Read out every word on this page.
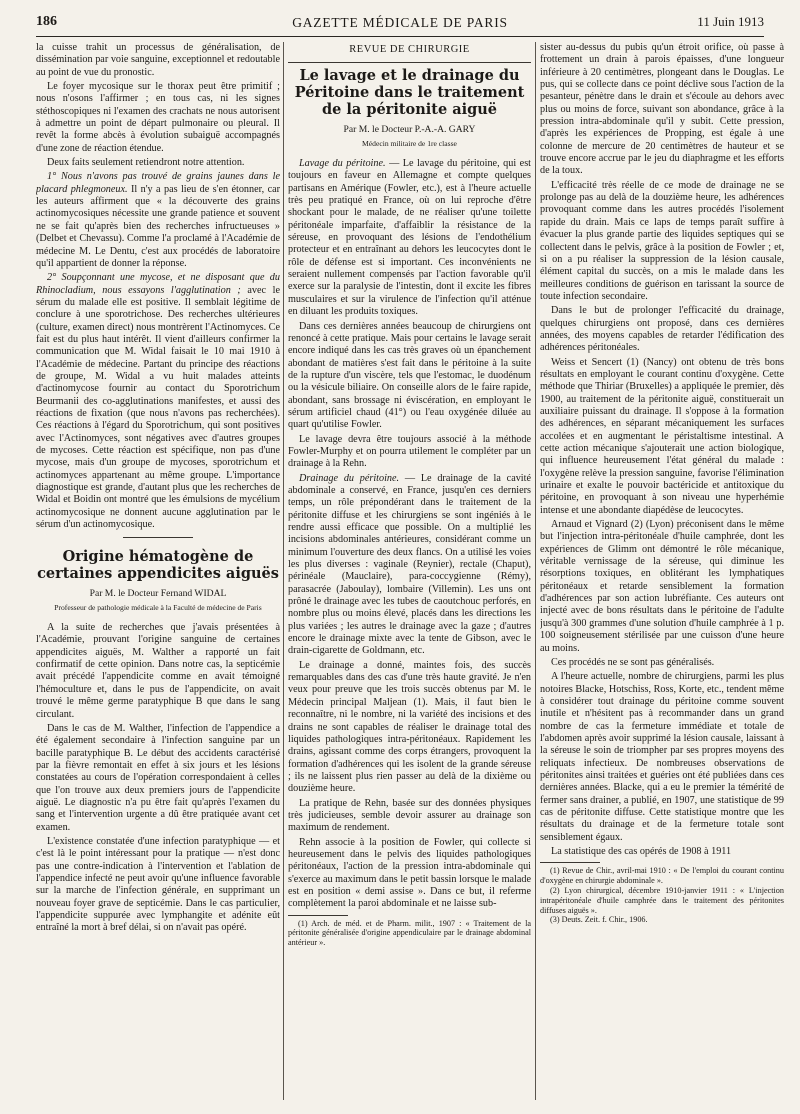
186	GAZETTE MÉDICALE DE PARIS	11 Juin 1913

la cuisse trahit un processus de généralisation, de dissémination par voie sanguine, exceptionnel et redoutable au point de vue du pronostic.

Le foyer mycosique sur le thorax peut être primitif ; nous n'osons l'affirmer ; en tous cas, ni les signes stéthoscopiques ni l'examen des crachats ne nous autorisent à admettre un point de départ pulmonaire ou pleural. Il revêt la forme abcès à évolution subaiguë accompagnés d'une zone de réaction étendue.

Deux faits seulement retiendront notre attention.

1° Nous n'avons pas trouvé de grains jaunes dans le placard phlegmoneux. Il n'y a pas lieu de s'en étonner, car les auteurs affirment que « la découverte des grains actinomycosiques nécessite une grande patience et souvent ne se fait qu'après bien des recherches infructueuses » (Delbet et Chevassu). Comme l'a proclamé à l'Académie de médecine M. Le Dentu, c'est aux procédés de laboratoire qu'il appartient de donner la réponse.

2° Soupçonnant une mycose, et ne disposant que du Rhinocladium, nous essayons l'agglutination ; avec le sérum du malade elle est positive. Il semblait légitime de conclure à une sporotrichose. Des recherches ultérieures (culture, examen direct) nous montrèrent l'Actinomyces. Ce fait est du plus haut intérêt. Il vient d'ailleurs confirmer la communication que M. Widal faisait le 10 mai 1910 à l'Académie de médecine. Partant du principe des réactions de groupe, M. Widal a vu huit malades atteints d'actinomycose fournir au contact du Sporotrichum Beurmanii des co-agglutinations manifestes, et aussi des réactions de fixation (que nous n'avons pas recherchées). Ces réactions à l'égard du Sporotrichum, qui sont positives avec l'Actinomyces, sont négatives avec d'autres groupes de mycoses. Cette réaction est spécifique, non pas d'une mycose, mais d'un groupe de mycoses, sporotrichum et actinomyces appartenant au même groupe. L'importance diagnostique est grande, d'autant plus que les recherches de Widal et Boidin ont montré que les émulsions de mycélium actinomycosique ne donnent aucune agglutination par le sérum d'un actinomycosique.

Origine hématogène de certaines appendicites aiguës
Par M. le Docteur Fernand WIDAL
Professeur de pathologie médicale à la Faculté de médecine de Paris

A la suite de recherches que j'avais présentées à l'Académie, prouvant l'origine sanguine de certaines appendicites aiguës, M. Walther a rapporté un fait confirmatif de cette opinion. Dans notre cas, la septicémie avait précédé l'appendicite comme en avait témoigné l'hémoculture et, dans le pus de l'appendicite, on avait trouvé le même germe paratyphique B que dans le sang circulant.

Dans le cas de M. Walther, l'infection de l'appendice a été également secondaire à l'infection sanguine par un bacille paratyphique B. Le début des accidents caractérisé par la fièvre remontait en effet à six jours et les lésions constatées au cours de l'opération correspondaient à celles que l'on trouve aux deux premiers jours de l'appendicite aiguë. Le diagnostic n'a pu être fait qu'après l'examen du sang et l'intervention urgente a dû être pratiquée avant cet examen.

L'existence constatée d'une infection paratyphique — et c'est là le point intéressant pour la pratique — n'est donc pas une contre-indication à l'intervention et l'ablation de l'appendice infecté ne peut avoir qu'une influence favorable sur la marche de l'infection générale, en supprimant un nouveau foyer grave de septicémie. Dans le cas particulier, l'appendicite suppurée avec lymphangite et adénite eût entraîné la mort à bref délai, si on n'avait pas opéré.

REVUE DE CHIRURGIE
Le lavage et le drainage du Péritoine dans le traitement de la péritonite aiguë
Par M. le Docteur P.-A.-A. GARY
Médecin militaire de 1re classe

Lavage du péritoine. — Le lavage du péritoine, qui est toujours en faveur en Allemagne et compte quelques partisans en Amérique (Fowler, etc.), est à l'heure actuelle très peu pratiqué en France, où on lui reproche d'être shockant pour le malade, de ne réaliser qu'une toilette péritonéale imparfaite, d'affaiblir la résistance de la séreuse, en provoquant des lésions de l'endothélium protecteur et en entraînant au dehors les leucocytes dont le rôle de défense est si important. Ces inconvénients ne seraient nullement compensés par l'action favorable qu'il exerce sur la paralysie de l'intestin, dont il excite les fibres musculaires et sur la virulence de l'infection qu'il atténue en diluant les produits toxiques.

Dans ces dernières années beaucoup de chirurgiens ont renoncé à cette pratique. Mais pour certains le lavage serait encore indiqué dans les cas très graves où un épanchement abondant de matières s'est fait dans le péritoine à la suite de la rupture d'un viscère, tels que l'estomac, le duodénum ou la vésicule biliaire. On conseille alors de le faire rapide, abondant, sans brossage ni éviscération, en employant le sérum artificiel chaud (41°) ou l'eau oxygénée diluée au quart qu'utilise Fowler.

Le lavage devra être toujours associé à la méthode Fowler-Murphy et on pourra utilement le compléter par un drainage à la Rehn.

Drainage du péritoine. — Le drainage de la cavité abdominale a conservé, en France, jusqu'en ces derniers temps, un rôle prépondérant dans le traitement de la péritonite diffuse et les chirurgiens se sont ingéniés à le rendre aussi efficace que possible. On a multiplié les incisions abdominales antérieures, considérant comme un minimum l'ouverture des deux flancs. On a utilisé les voies les plus diverses : vaginale (Reynier), rectale (Chaput), périnéale (Mauclaire), para-coccygienne (Rémy), parasacrée (Jaboulay), lombaire (Villemin). Les uns ont prôné le drainage avec les tubes de caoutchouc perforés, en nombre plus ou moins élevé, placés dans les directions les plus variées ; les autres le drainage avec la gaze ; d'autres encore le drainage mixte avec la tente de Gibson, avec le drain-cigarette de Goldmann, etc.

Le drainage a donné, maintes fois, des succès remarquables dans des cas d'une très haute gravité. Je n'en veux pour preuve que les trois succès obtenus par M. le Médecin principal Maljean (1). Mais, il faut bien le reconnaître, ni le nombre, ni la variété des incisions et des drains ne sont capables de réaliser le drainage total des liquides pathologiques intra-péritonéaux. Rapidement les drains, agissant comme des corps étrangers, provoquent la formation d'adhérences qui les isolent de la grande séreuse ; ils ne laissent plus rien passer au delà de la dixième ou douzième heure.

La pratique de Rehn, basée sur des données physiques très judicieuses, semble devoir assurer au drainage son maximum de rendement.

Rehn associe à la position de Fowler, qui collecte si heureusement dans le pelvis des liquides pathologiques péritonéaux, l'action de la pression intra-abdominale qui s'exerce au maximum dans le petit bassin lorsque le malade est en position « demi assise ». Dans ce but, il referme complètement la paroi abdominale et ne laisse sub-

(1) Arch. de méd. et de Pharm. milit., 1907 : « Traitement de la péritonite généralisée d'origine appendiculaire par le drainage abdominal antérieur ».

sister au-dessus du pubis qu'un étroit orifice, où passe à frottement un drain à parois épaisses, d'une longueur inférieure à 20 centimètres, plongeant dans le Douglas. Le pus, qui se collecte dans ce point déclive sous l'action de la pesanteur, pénètre dans le drain et s'écoule au dehors avec plus ou moins de force, suivant son abondance, grâce à la pression intra-abdominale qu'il y subit. Cette pression, d'après les expériences de Propping, est égale à une colonne de mercure de 20 centimètres de hauteur et se trouve encore accrue par le jeu du diaphragme et les efforts de la toux.

L'efficacité très réelle de ce mode de drainage ne se prolonge pas au delà de la douzième heure, les adhérences provoquant comme dans les autres procédés l'isolement rapide du drain. Mais ce laps de temps paraît suffire à évacuer la plus grande partie des liquides septiques qui se collectent dans le pelvis, grâce à la position de Fowler ; et, si on a pu réaliser la suppression de la lésion causale, élément capital du succès, on a mis le malade dans les meilleures conditions de guérison en tarissant la source de toute infection secondaire.

Dans le but de prolonger l'efficacité du drainage, quelques chirurgiens ont proposé, dans ces dernières années, des moyens capables de retarder l'édification des adhérences péritonéales.

Weiss et Sencert (1) (Nancy) ont obtenu de très bons résultats en employant le courant continu d'oxygène. Cette méthode que Thiriar (Bruxelles) a appliquée le premier, dès 1900, au traitement de la péritonite aiguë, constituerait un auxiliaire puissant du drainage. Il s'oppose à la formation des adhérences, en séparant mécaniquement les surfaces accolées et en augmentant le péristaltisme intestinal. A cette action mécanique s'ajouterait une action biologique, qui influence heureusement l'état général du malade : l'oxygène relève la pression sanguine, favorise l'élimination urinaire et exalte le pouvoir bactéricide et antitoxique du péritoine, en provoquant à son niveau une hyperhémie intense et une abondante diapédèse de leucocytes.

Arnaud et Vignard (2) (Lyon) préconisent dans le même but l'injection intra-péritonéale d'huile camphrée, dont les expériences de Glimm ont démontré le rôle mécanique, véritable vernissage de la séreuse, qui diminue les résorptions toxiques, en oblitérant les lymphatiques péritonéaux et retarde sensiblement la formation d'adhérences par son action lubréfiante. Ces auteurs ont injecté avec de bons résultats dans le péritoine de l'adulte jusqu'à 300 grammes d'une solution d'huile camphrée à 1 p. 100 soigneusement stérilisée par une cuisson d'une heure au moins.

Ces procédés ne se sont pas généralisés.

A l'heure actuelle, nombre de chirurgiens, parmi les plus notoires Blacke, Hotschiss, Ross, Korte, etc., tendent même à considérer tout drainage du péritoine comme souvent inutile et n'hésitent pas à recommander dans un grand nombre de cas la fermeture immédiate et totale de l'abdomen après avoir supprimé la lésion causale, laissant à la séreuse le soin de triompher par ses propres moyens des reliquats infectieux. De nombreuses observations de péritonites ainsi traitées et guéries ont été publiées dans ces dernières années. Blacke, qui a eu le premier la témérité de fermer sans drainer, a publié, en 1907, une statistique de 99 cas de péritonite diffuse. Cette statistique montre que les résultats du drainage et de la fermeture totale sont sensiblement égaux.

La statistique des cas opérés de 1908 à 1911

(1) Revue de Chir., avril-mai 1910 : « De l'emploi du courant continu d'oxygène en chirurgie abdominale ».

(2) Lyon chirurgical, décembre 1910-janvier 1911 : « L'injection intrapéritonéale d'huile camphrée dans le traitement des péritonites diffuses aiguës ».

(3) Deuts. Zeit. f. Chir., 1906.
